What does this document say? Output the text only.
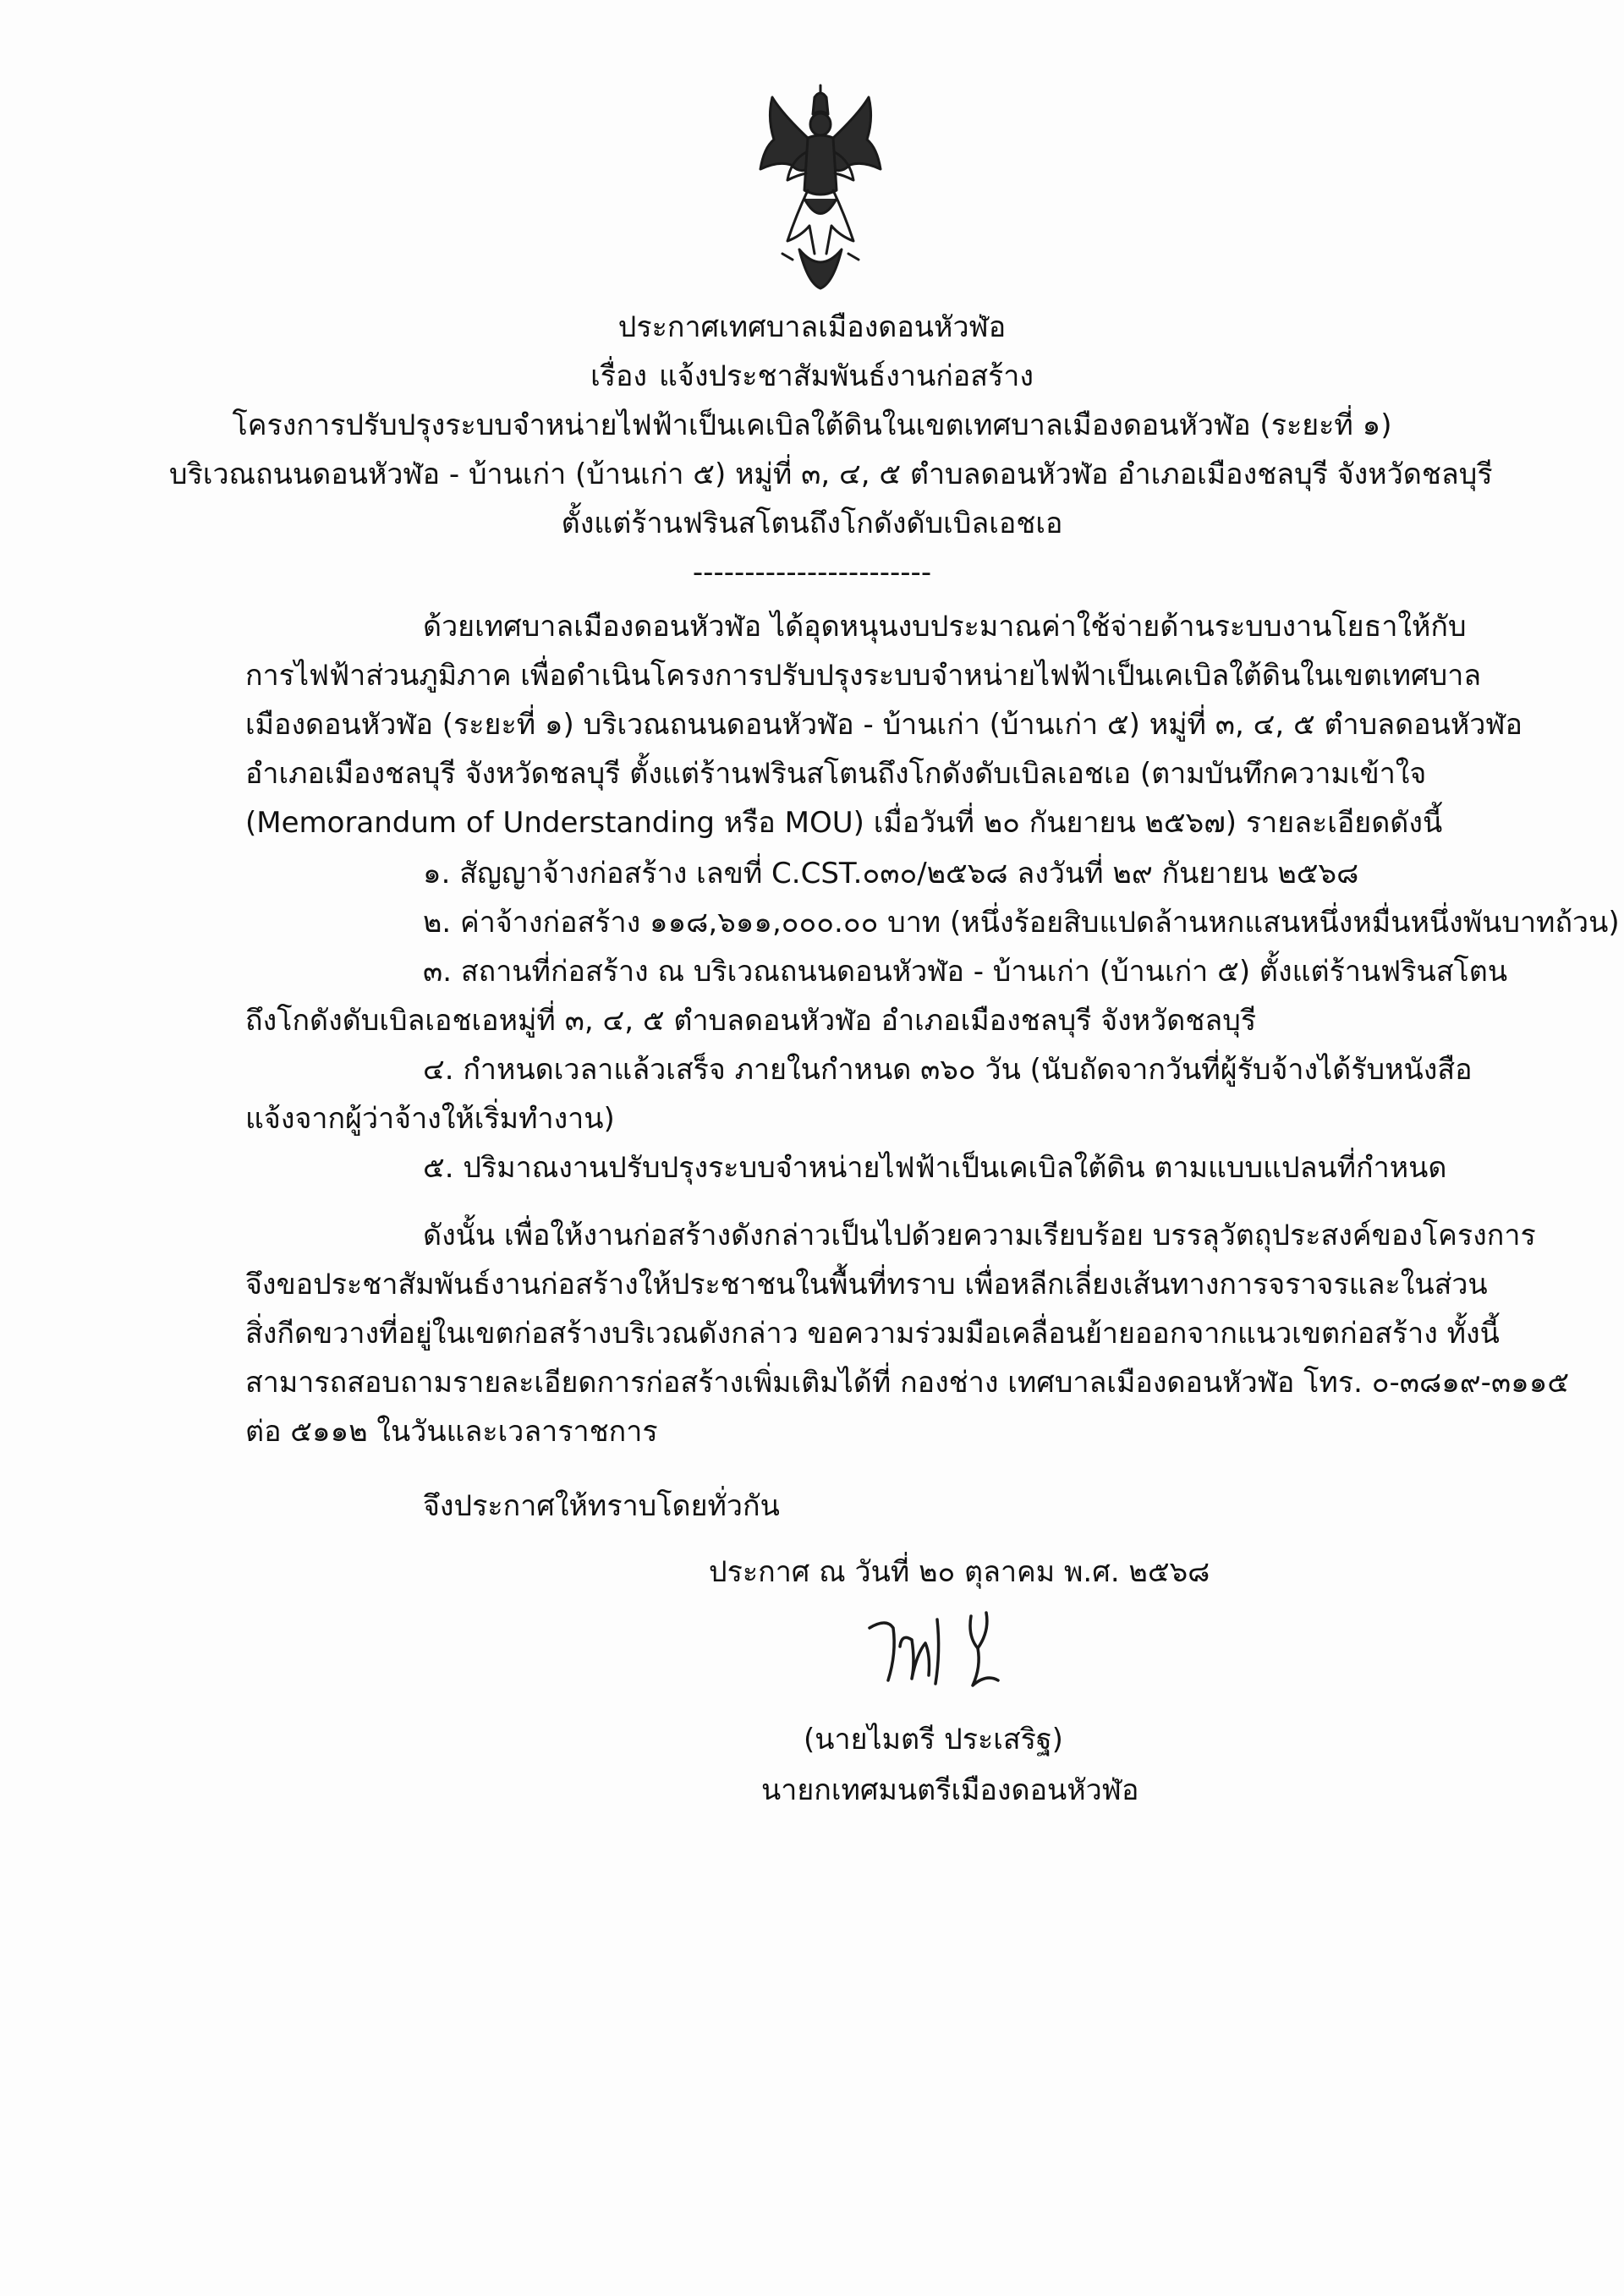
ประกาศเทศบาลเมืองดอนหัวฬ่อ
เรื่อง แจ้งประชาสัมพันธ์งานก่อสร้าง
โครงการปรับปรุงระบบจำหน่ายไฟฟ้าเป็นเคเบิลใต้ดินในเขตเทศบาลเมืองดอนหัวฬ่อ (ระยะที่ ๑)
บริเวณถนนดอนหัวฬ่อ - บ้านเก่า (บ้านเก่า ๕) หมู่ที่ ๓, ๔, ๕ ตำบลดอนหัวฬ่อ อำเภอเมืองชลบุรี จังหวัดชลบุรี
ตั้งแต่ร้านฟรินสโตนถึงโกดังดับเบิลเอชเอ
-----------------------
ด้วยเทศบาลเมืองดอนหัวฬ่อ ได้อุดหนุนงบประมาณค่าใช้จ่ายด้านระบบงานโยธาให้กับ
การไฟฟ้าส่วนภูมิภาค เพื่อดำเนินโครงการปรับปรุงระบบจำหน่ายไฟฟ้าเป็นเคเบิลใต้ดินในเขตเทศบาล
เมืองดอนหัวฬ่อ (ระยะที่ ๑) บริเวณถนนดอนหัวฬ่อ - บ้านเก่า (บ้านเก่า ๕) หมู่ที่ ๓, ๔, ๕ ตำบลดอนหัวฬ่อ
อำเภอเมืองชลบุรี จังหวัดชลบุรี ตั้งแต่ร้านฟรินสโตนถึงโกดังดับเบิลเอชเอ (ตามบันทึกความเข้าใจ
(Memorandum of Understanding หรือ MOU) เมื่อวันที่ ๒๐ กันยายน ๒๕๖๗) รายละเอียดดังนี้
๑. สัญญาจ้างก่อสร้าง เลขที่ C.CST.๐๓๐/๒๕๖๘ ลงวันที่ ๒๙ กันยายน ๒๕๖๘
๒. ค่าจ้างก่อสร้าง ๑๑๘,๖๑๑,๐๐๐.๐๐ บาท (หนึ่งร้อยสิบแปดล้านหกแสนหนึ่งหมื่นหนึ่งพันบาทถ้วน)
๓. สถานที่ก่อสร้าง ณ บริเวณถนนดอนหัวฬ่อ - บ้านเก่า (บ้านเก่า ๕) ตั้งแต่ร้านฟรินสโตน
ถึงโกดังดับเบิลเอชเอหมู่ที่ ๓, ๔, ๕ ตำบลดอนหัวฬ่อ อำเภอเมืองชลบุรี จังหวัดชลบุรี
๔. กำหนดเวลาแล้วเสร็จ ภายในกำหนด ๓๖๐ วัน (นับถัดจากวันที่ผู้รับจ้างได้รับหนังสือ
แจ้งจากผู้ว่าจ้างให้เริ่มทำงาน)
๕. ปริมาณงานปรับปรุงระบบจำหน่ายไฟฟ้าเป็นเคเบิลใต้ดิน ตามแบบแปลนที่กำหนด
ดังนั้น เพื่อให้งานก่อสร้างดังกล่าวเป็นไปด้วยความเรียบร้อย บรรลุวัตถุประสงค์ของโครงการ
จึงขอประชาสัมพันธ์งานก่อสร้างให้ประชาชนในพื้นที่ทราบ เพื่อหลีกเลี่ยงเส้นทางการจราจรและในส่วน
สิ่งกีดขวางที่อยู่ในเขตก่อสร้างบริเวณดังกล่าว ขอความร่วมมือเคลื่อนย้ายออกจากแนวเขตก่อสร้าง ทั้งนี้
สามารถสอบถามรายละเอียดการก่อสร้างเพิ่มเติมได้ที่ กองช่าง เทศบาลเมืองดอนหัวฬ่อ โทร. ๐-๓๘๑๙-๓๑๑๕
ต่อ ๕๑๑๒ ในวันและเวลาราชการ
จึงประกาศให้ทราบโดยทั่วกัน
ประกาศ ณ วันที่ ๒๐ ตุลาคม พ.ศ. ๒๕๖๘
(นายไมตรี ประเสริฐ)
นายกเทศมนตรีเมืองดอนหัวฬ่อ
